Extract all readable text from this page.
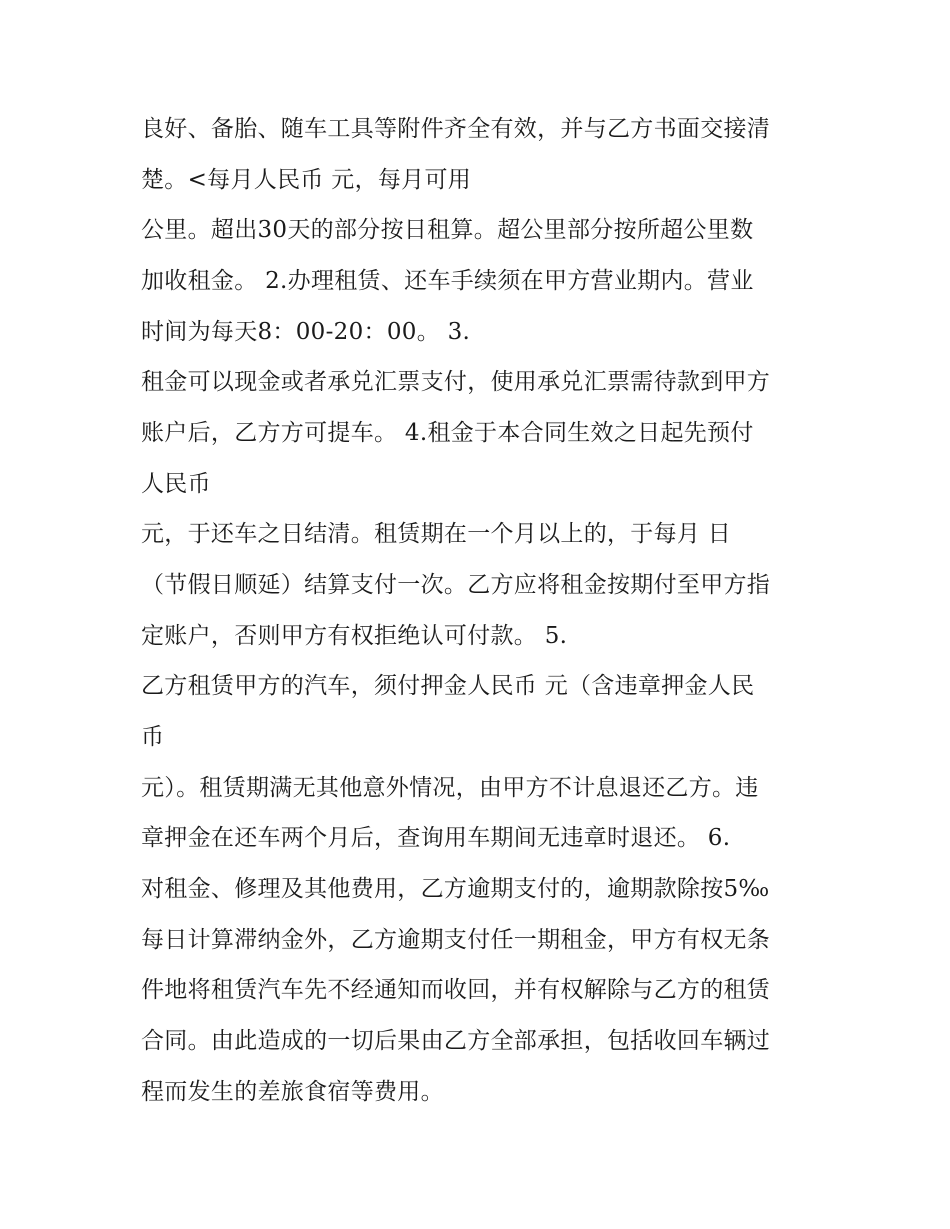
良好、备胎、随车工具等附件齐全有效，并与乙方书面交接清
楚。<每月人民币 元，每月可用
公里。超出30天的部分按日租算。超公里部分按所超公里数
加收租金。 2.办理租赁、还车手续须在甲方营业期内。营业
时间为每天8：00-20：00。 3.
租金可以现金或者承兑汇票支付，使用承兑汇票需待款到甲方
账户后，乙方方可提车。 4.租金于本合同生效之日起先预付
人民币
元，于还车之日结清。租赁期在一个月以上的，于每月 日
（节假日顺延）结算支付一次。乙方应将租金按期付至甲方指
定账户，否则甲方有权拒绝认可付款。 5.
乙方租赁甲方的汽车，须付押金人民币 元（含违章押金人民
币
元）。租赁期满无其他意外情况，由甲方不计息退还乙方。违
章押金在还车两个月后，查询用车期间无违章时退还。 6.
对租金、修理及其他费用，乙方逾期支付的，逾期款除按5‰
每日计算滞纳金外，乙方逾期支付任一期租金，甲方有权无条
件地将租赁汽车先不经通知而收回，并有权解除与乙方的租赁
合同。由此造成的一切后果由乙方全部承担，包括收回车辆过
程而发生的差旅食宿等费用。
